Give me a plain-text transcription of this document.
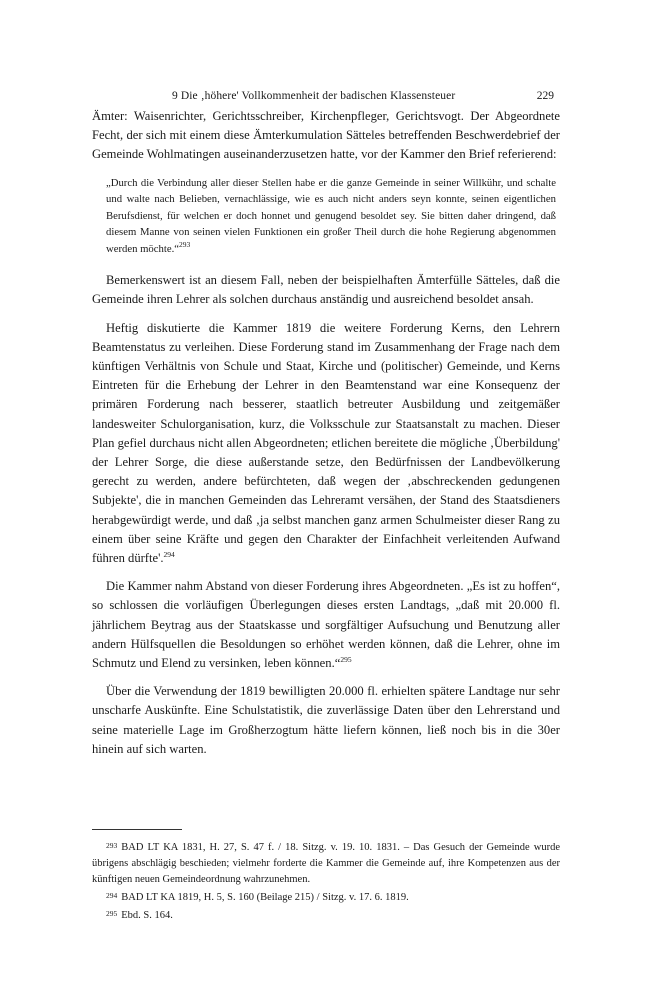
9 Die ‚höhere' Vollkommenheit der badischen Klassensteuer	229

Ämter: Waisenrichter, Gerichtsschreiber, Kirchenpfleger, Gerichtsvogt. Der Abgeordnete Fecht, der sich mit einem diese Ämterkumulation Sätteles betreffenden Beschwerdebrief der Gemeinde Wohlmatingen auseinanderzusetzen hatte, vor der Kammer den Brief referierend:

„Durch die Verbindung aller dieser Stellen habe er die ganze Gemeinde in seiner Willkühr, und schalte und walte nach Belieben, vernachlässige, wie es auch nicht anders seyn konnte, seinen eigentlichen Berufsdienst, für welchen er doch honnet und genugend besoldet sey. Sie bitten daher dringend, daß diesem Manne von seinen vielen Funktionen ein großer Theil durch die hohe Regierung abgenommen werden möchte.“$^{293}$

Bemerkenswert ist an diesem Fall, neben der beispielhaften Ämterfülle Sätteles, daß die Gemeinde ihren Lehrer als solchen durchaus anständig und ausreichend besoldet ansah.

Heftig diskutierte die Kammer 1819 die weitere Forderung Kerns, den Lehrern Beamtenstatus zu verleihen. Diese Forderung stand im Zusammenhang der Frage nach dem künftigen Verhältnis von Schule und Staat, Kirche und (politischer) Gemeinde, und Kerns Eintreten für die Erhebung der Lehrer in den Beamtenstand war eine Konsequenz der primären Forderung nach besserer, staatlich betreuter Ausbildung und zeitgemäßer landesweiter Schulorganisation, kurz, die Volksschule zur Staatsanstalt zu machen. Dieser Plan gefiel durchaus nicht allen Abgeordneten; etlichen bereitete die mögliche ‚Überbildung' der Lehrer Sorge, die diese außerstande setze, den Bedürfnissen der Landbevölkerung gerecht zu werden, andere befürchteten, daß wegen der ‚abschreckenden gedungenen Subjekte', die in manchen Gemeinden das Lehreramt versähen, der Stand des Staatsdieners herabgewürdigt werde, und daß ‚ja selbst manchen ganz armen Schulmeister dieser Rang zu einem über seine Kräfte und gegen den Charakter der Einfachheit verleitenden Aufwand führen dürfte'.$^{294}$

Die Kammer nahm Abstand von dieser Forderung ihres Abgeordneten. „Es ist zu hoffen“, so schlossen die vorläufigen Überlegungen dieses ersten Landtags, „daß mit 20.000 fl. jährlichem Beytrag aus der Staatskasse und sorgfältiger Aufsuchung und Benutzung aller andern Hülfsquellen die Besoldungen so erhöhet werden können, daß die Lehrer, ohne im Schmutz und Elend zu versinken, leben können.“$^{295}$

Über die Verwendung der 1819 bewilligten 20.000 fl. erhielten spätere Landtage nur sehr unscharfe Auskünfte. Eine Schulstatistik, die zuverlässige Daten über den Lehrerstand und seine materielle Lage im Großherzogtum hätte liefern können, ließ noch bis in die 30er hinein auf sich warten.

293 BAD LT KA 1831, H. 27, S. 47 f. / 18. Sitzg. v. 19. 10. 1831. – Das Gesuch der Gemeinde wurde übrigens abschlägig beschieden; vielmehr forderte die Kammer die Gemeinde auf, ihre Kompetenzen aus der künftigen neuen Gemeindeordnung wahrzunehmen.
294 BAD LT KA 1819, H. 5, S. 160 (Beilage 215) / Sitzg. v. 17. 6. 1819.
295 Ebd. S. 164.
